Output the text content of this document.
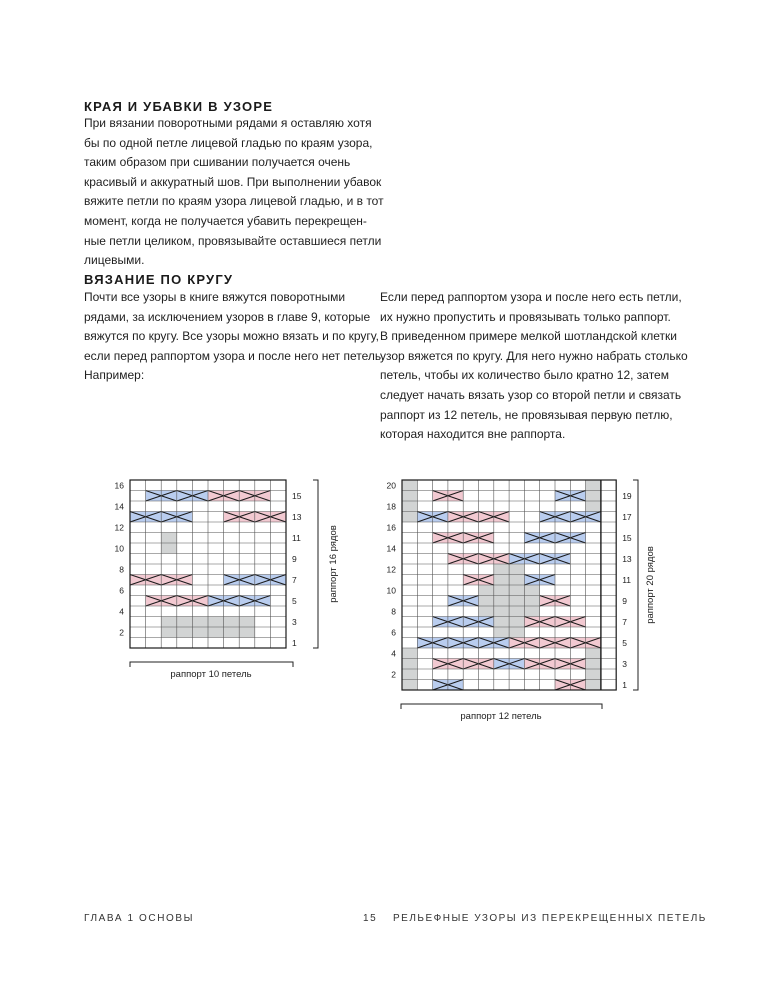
КРАЯ И УБАВКИ В УЗОРЕ
При вязании поворотными рядами я оставляю хотя
бы по одной петле лицевой гладью по краям узора,
таким образом при сшивании получается очень
красивый и аккуратный шов. При выполнении убавок
вяжите петли по краям узора лицевой гладью, и в тот
момент, когда не получается убавить перекрещен-
ные петли целиком, провязывайте оставшиеся петли
лицевыми.
ВЯЗАНИЕ ПО КРУГУ
Почти все узоры в книге вяжутся поворотными
рядами, за исключением узоров в главе 9, которые
вяжутся по кругу. Все узоры можно вязать и по кругу,
если перед раппортом узора и после него нет петель.
Например:
Если перед раппортом узора и после него есть петли,
их нужно пропустить и провязывать только раппорт.
В приведенном примере мелкой шотландской клетки
узор вяжется по кругу. Для него нужно набрать столько
петель, чтобы их количество было кратно 12, затем
следует начать вязать узор со второй петли и связать
раппорт из 12 петель, не провязывая первую петлю,
которая находится вне раппорта.
16
14
12
10
8
6
4
2
15
13
11
9
7
5
3
1
раппорт 16 рядов
раппорт 10 петель
20
18
16
14
12
10
8
6
4
2
19
17
15
13
11
9
7
5
3
1
раппорт 20 рядов
раппорт 12 петель
ГЛАВА 1 ОСНОВЫ	15 РЕЛЬЕФНЫЕ УЗОРЫ ИЗ ПЕРЕКРЕЩЕННЫХ ПЕТЕЛЬ
